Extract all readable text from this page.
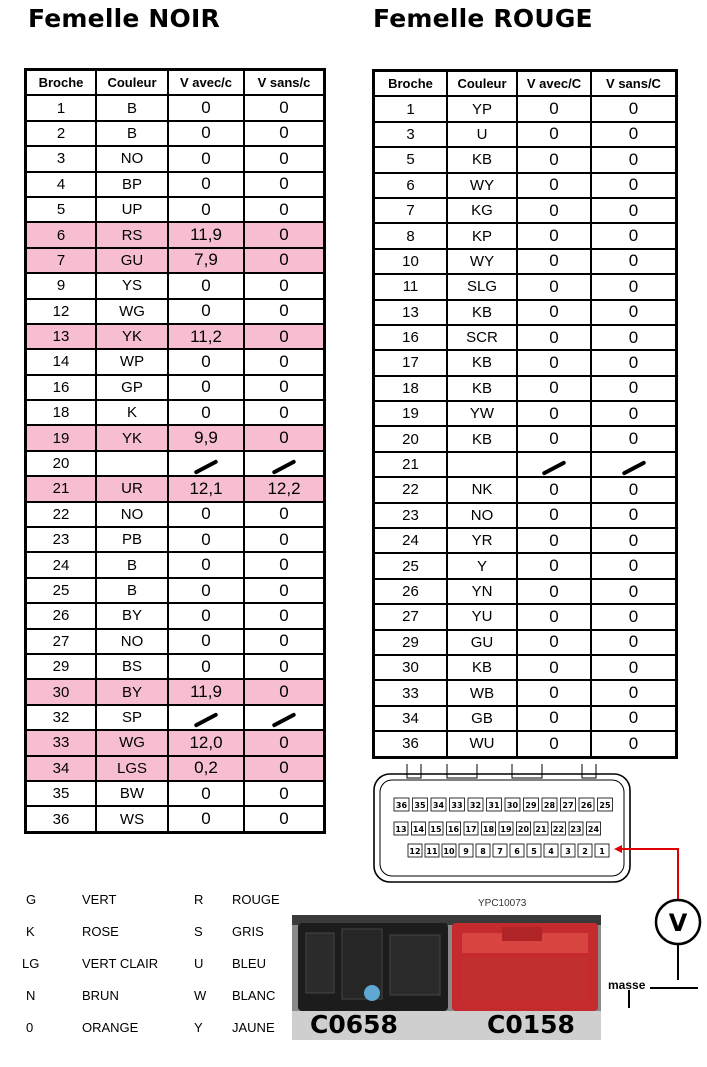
Femelle NOIR	Femelle ROUGE
Broche	Couleur	V avec/c	V sans/c
1	B	0	0
2	B	0	0
3	NO	0	0
4	BP	0	0
5	UP	0	0
6	RS	11,9	0
7	GU	7,9	0
9	YS	0	0
12	WG	0	0
13	YK	11,2	0
14	WP	0	0
16	GP	0	0
18	K	0	0
19	YK	9,9	0
20			
21	UR	12,1	12,2
22	NO	0	0
23	PB	0	0
24	B	0	0
25	B	0	0
26	BY	0	0
27	NO	0	0
29	BS	0	0
30	BY	11,9	0
32	SP		
33	WG	12,0	0
34	LGS	0,2	0
35	BW	0	0
36	WS	0	0
Broche	Couleur	V avec/C	V sans/C
1	YP	0	0
3	U	0	0
5	KB	0	0
6	WY	0	0
7	KG	0	0
8	KP	0	0
10	WY	0	0
11	SLG	0	0
13	KB	0	0
16	SCR	0	0
17	KB	0	0
18	KB	0	0
19	YW	0	0
20	KB	0	0
21			
22	NK	0	0
23	NO	0	0
24	YR	0	0
25	Y	0	0
26	YN	0	0
27	YU	0	0
29	GU	0	0
30	KB	0	0
33	WB	0	0
34	GB	0	0
36	WU	0	0
36 35 34 33 32 31 30 29 28 27 26 25
13 14 15 16 17 18 19 20 21 22 23 24
12 11 10 9 8 7 6 5 4 3 2 1
YPC10073
G	VERT
K	ROSE
LG	VERT CLAIR
N	BRUN
0	ORANGE
R ROUGE
S GRIS
U BLEU
W BLANC
Y JAUNE C0658	C0158
V
masse
